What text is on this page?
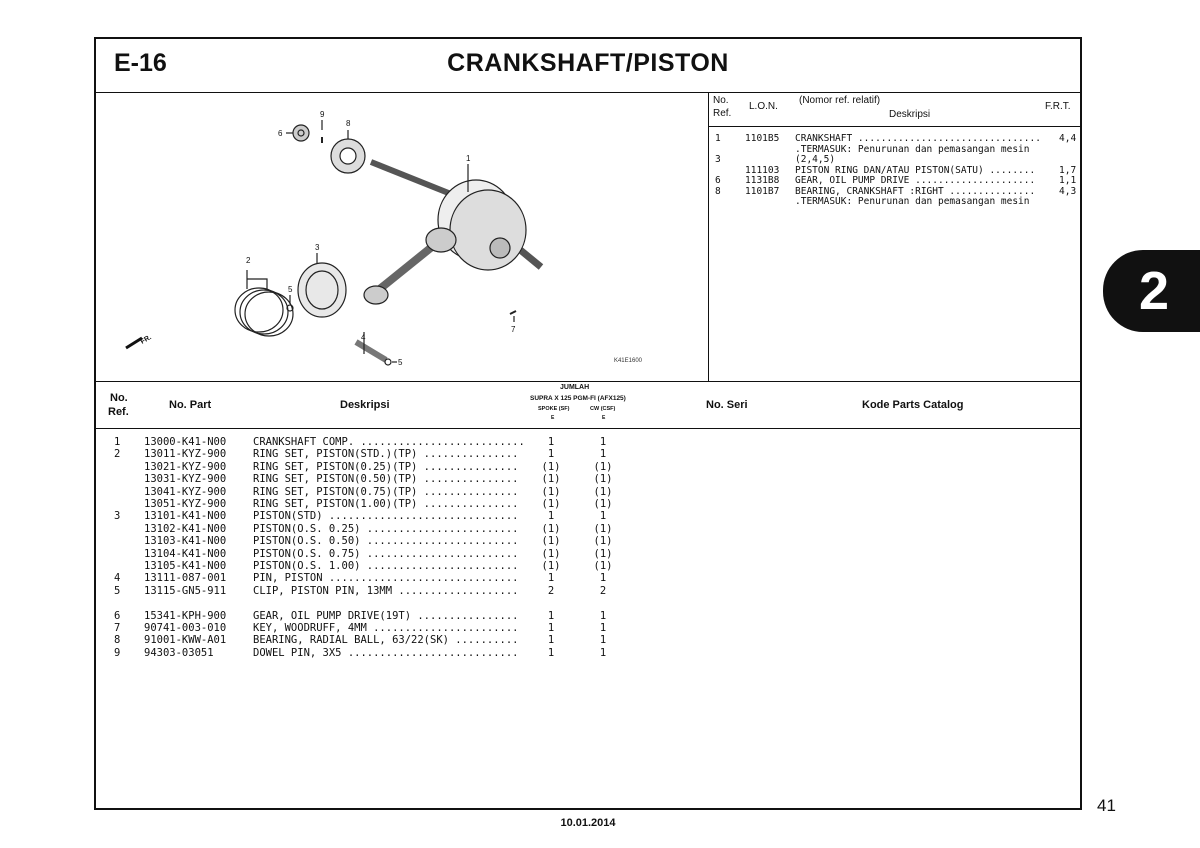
E-16	CRANKSHAFT/PISTON
1
2
3
4
5
5
6
7
8
9
FR.
K41E1600
No.
Ref.
L.O.N.
(Nomor ref. relatif)
Deskripsi
F.R.T.
1	1101B5 CRANKSHAFT ................................ 4,4
.TERMASUK: Penurunan dan pemasangan mesin
3	(2,4,5)
111103 PISTON RING DAN/ATAU PISTON(SATU) ........	1,7
6	1131B8 GEAR, OIL PUMP DRIVE .....................	1,1
8	1101B7 BEARING, CRANKSHAFT :RIGHT ...............	4,3
.TERMASUK: Penurunan dan pemasangan mesin
No.
Ref.
No. Part	Deskripsi
JUMLAH
SUPRA X 125 PGM-FI (AFX125)
SPOKE (SF)	CW (CSF)
E	E
No. Seri	Kode Parts Catalog
1 13000-K41-N00	CRANKSHAFT COMP. ..........................	1	1
2 13011-KYZ-900	RING SET, PISTON(STD.)(TP) ...............	1	1
13021-KYZ-900	RING SET, PISTON(0.25)(TP) ...............	(1)	(1)
13031-KYZ-900	RING SET, PISTON(0.50)(TP) ...............	(1)	(1)
13041-KYZ-900	RING SET, PISTON(0.75)(TP) ...............	(1)	(1)
13051-KYZ-900	RING SET, PISTON(1.00)(TP) ...............	(1)	(1)
3 13101-K41-N00	PISTON(STD) ..............................	1	1
13102-K41-N00	PISTON(O.S. 0.25) ........................	(1)	(1)
13103-K41-N00	PISTON(O.S. 0.50) ........................	(1)	(1)
13104-K41-N00	PISTON(O.S. 0.75) ........................	(1)	(1)
13105-K41-N00	PISTON(O.S. 1.00) ........................	(1)	(1)
4 13111-087-001	PIN, PISTON ..............................	1	1
5 13115-GN5-911	CLIP, PISTON PIN, 13MM ...................	2	2
6 15341-KPH-900	GEAR, OIL PUMP DRIVE(19T) ................	1	1
7 90741-003-010	KEY, WOODRUFF, 4MM .......................	1	1
8 91001-KWW-A01	BEARING, RADIAL BALL, 63/22(SK) ..........	1	1
9 94303-03051	DOWEL PIN, 3X5 ...........................	1	1
2
41
10.01.2014
